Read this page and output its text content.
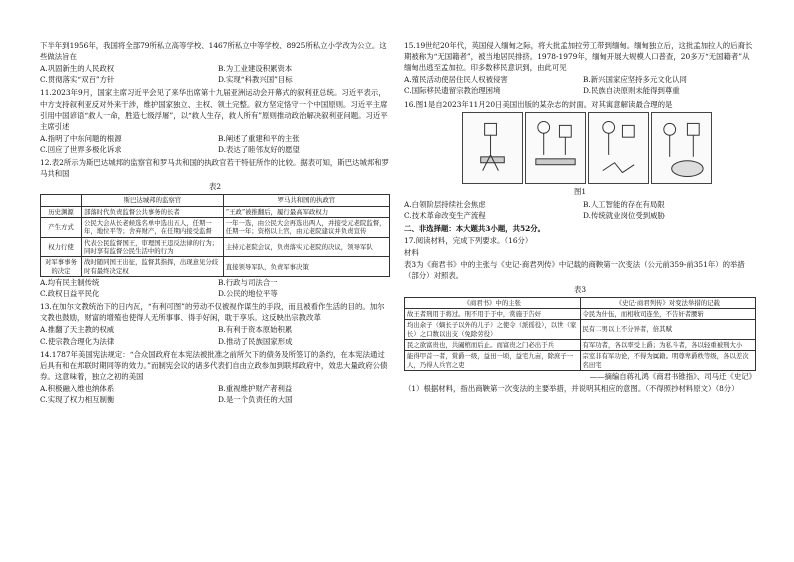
下半年到1956年，我国将全部79所私立高等学校、1467所私立中等学校、8925所私立小学改为公立。这些做法旨在

A.巩固新生的人民政权	B.为工业建设积累资本
C.贯彻落实“双百”方针	D.实现“科教兴国”目标

11.2023年9月，国家主席习近平会见了来华出席第十九届亚洲运动会开幕式的叙利亚总统。习近平表示，中方支持叙利亚反对外来干涉，维护国家独立、主权、领土完整。叙方坚定恪守一个中国原则。习近平主席引用中国谚语“救人一命，胜造七级浮屠”，以“救人生存，救人所有”原则推动政治解决叙利亚问题。习近平主席引述

A.指明了中东问题的根源	B.阐述了重建和平的主张
C.回应了世界多极化诉求	D.表达了睦邻友好的愿望

12.表2所示为斯巴达城邦的监察官和罗马共和国的执政官若干特征所作的比较。据表可知，斯巴达城邦和罗马共和国

表2
	斯巴达城邦的监察官	罗马共和国的执政官
历史渊源	部落时代负责监督公共事务的长者	“王政”被推翻后，履行最高军政权力
产生方式	公民大会从长老候选名单中选出五人，任期一年，地位平等；舍弃财产，在任期内接受监督	一年一选，由公民大会再选出两人，并接受元老院监督，任期一年；资格以上官，由元老院建议并负责宣传
权力行使	代表公民监督国王，审理国王违反法律的行为；同时享有监督公民生活中的行为	主持元老院会议，负责落实元老院的决议，领导军队
对军事事务的决定	战时随同国王出征，监督其指挥，出现意见分歧时有最终决定权	直接领导军队，负责军事决策
A.均有民主制传统	B.行政与司法合一
C.政权日益平民化	D.公民的地位平等

13.在加尔文教统治下的日内瓦，“有利可图”的劳动不仅被视作谋生的手段，而且被看作生活的目的。加尔文教也鼓励，财富的增殖也使得人无所事事、得手好闲，耽于享乐。这反映出宗教改革

A.推翻了天主教的权威	B.有利于资本原始积累
C.使宗教合理化为法律	D.推动了民族国家形成

14.1787年美国宪法规定：“合众国政府在本宪法被批准之前所欠下的债务及所签订的条约，在本宪法通过后具有和在邦联时期同等的效力。”而制宪会议的诸多代表们自由立政参加到联邦政府中，效忠大量政府公债券。这意味着，独立之初的美国

A.积极融入维也纳体系	B.重视维护财产者利益
C.实现了权力相互制衡	D.是一个负责任的大国

15.19世纪20年代，英国侵入缅甸之际，将大批孟加拉劳工带到缅甸。缅甸独立后，这批孟加拉人的后裔长期被称为“无国籍者”，被当地居民排挤。1978-1979年，缅甸开展大规模人口普查，20多万“无国籍者”从缅甸出逃至孟加拉。印多数移民意识到，由此可见

A.殖民活动使居住民人权被侵害	B.新兴国家应坚持多元文化认同
C.国际移民遗留宗教治理困境	D.民族自决原则未能得到尊重

16.图1是自2023年11月20日美国出版的某杂志的封面。对其寓意解读最合理的是

图1
A.白领阶层持续社会焦虑	B.人工智能的存在有局限
C.技术革命改变生产流程	D.传统就业岗位受到威胁

二、非选择题：本大题共3小题，共52分。

17.阅读材料，完成下列要求。（16分）

材料

表3为《商君书》中的主张与《史记·商君列传》中记载的商鞅第一次变法（公元前359-前351年）的举措（部分）对照表。

表3
《商君书》中的主张	《史记·商君列传》对变法举措的记载
故王者刑用于将过。刑不用于于中，赏施于告奸	令民为什伍，而相收司连坐，不告奸者腰斩
均出余子（嫡长子以外的儿子）之使令（派徭役），以世（家长）之口数以出支（免除劳役）	民有二男以上不分异者，倍其赋
民之欲富贵也，共阖棺而后止。而富贵之门必出于兵	有军功者，各以率受上爵；为私斗者，各以轻重被刑大小
能得甲首一者，赏爵一级，益田一顷，益宅九亩，除庶子一人，乃得人兵官之吏	宗室非有军功论，不得为属籍。明尊卑爵秩等级，各以差次名田宅

——摘编自蒋礼鸿《商君书锥指》、司马迁《史记》

（1）根据材料，指出商鞅第一次变法的主要举措，并说明其相应的意图。（不得照抄材料原文）（8分）
